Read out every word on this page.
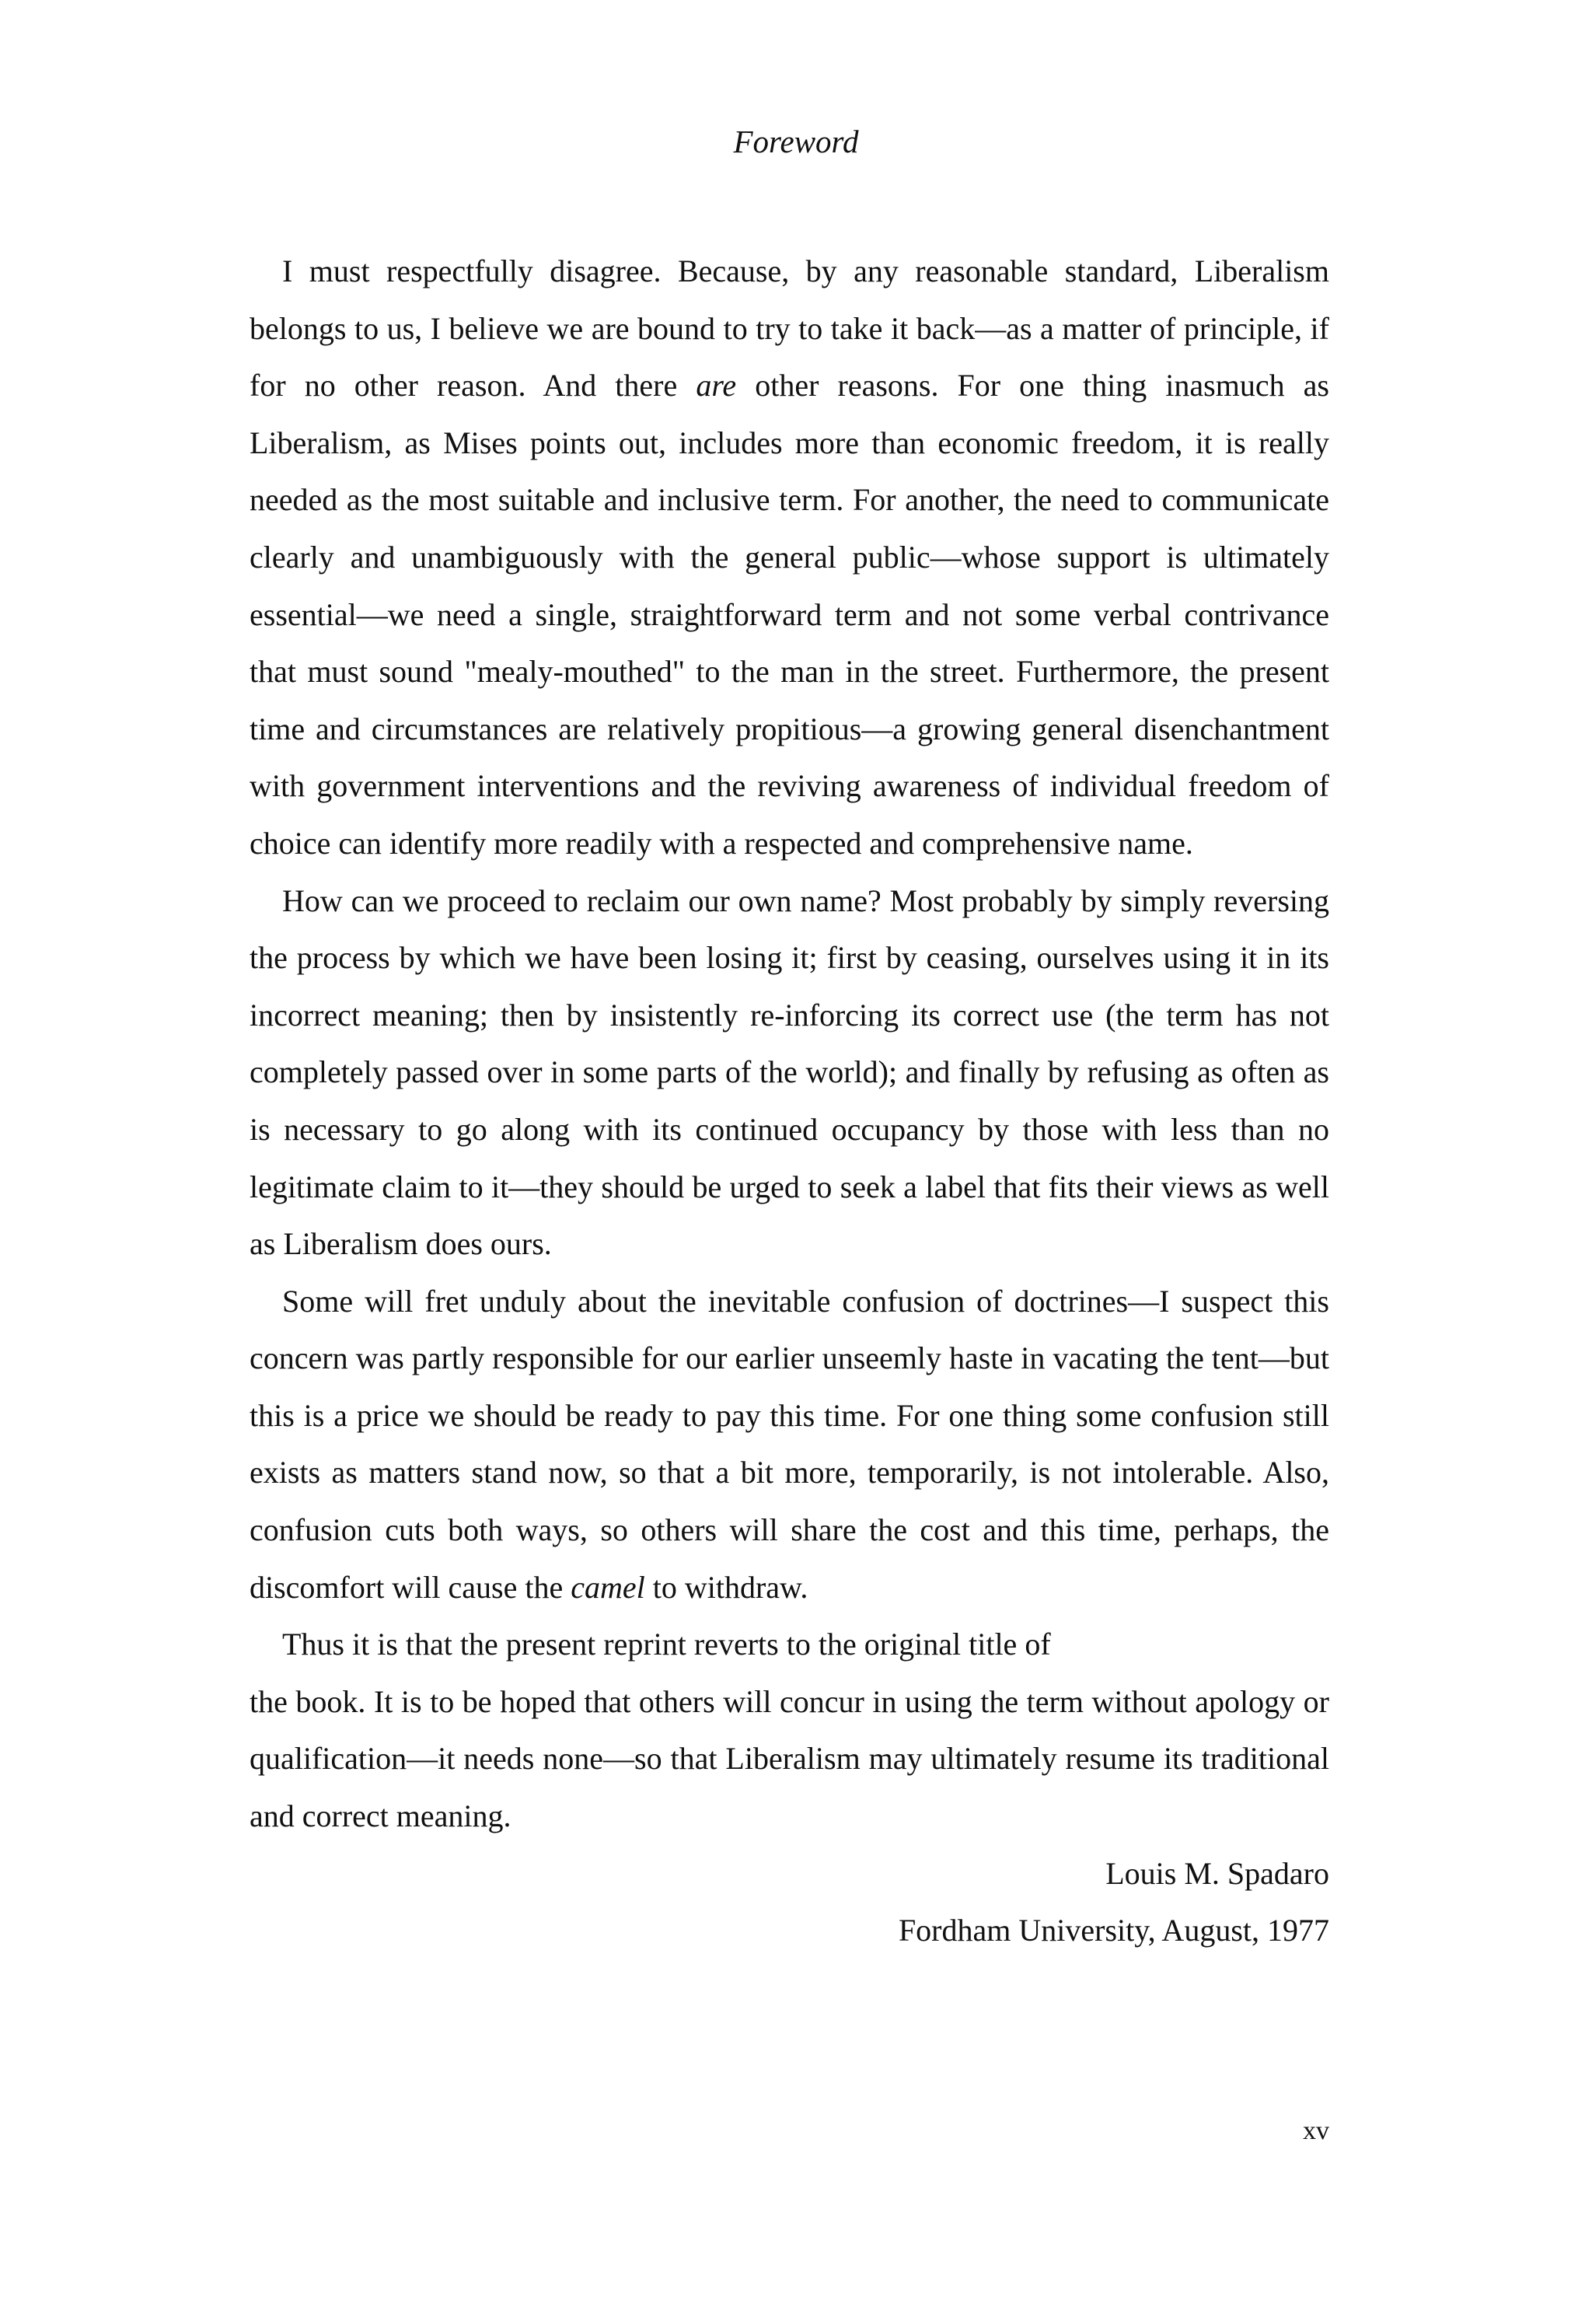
Foreword

I must respectfully disagree. Because, by any reasonable standard, Liberalism belongs to us, I believe we are bound to try to take it back—as a matter of principle, if for no other reason. And there are other reasons. For one thing inasmuch as Liberalism, as Mises points out, includes more than economic freedom, it is really needed as the most suitable and inclusive term. For another, the need to communicate clearly and unambiguously with the general public—whose support is ultimately essential—we need a single, straightforward term and not some verbal contrivance that must sound "mealy-mouthed" to the man in the street. Furthermore, the present time and circumstances are relatively propitious—a growing general disenchantment with government interventions and the reviving awareness of individual freedom of choice can identify more readily with a respected and comprehensive name.

How can we proceed to reclaim our own name? Most probably by simply reversing the process by which we have been losing it; first by ceasing, ourselves using it in its incorrect meaning; then by insistently re-inforcing its correct use (the term has not completely passed over in some parts of the world); and finally by refusing as often as is necessary to go along with its continued occupancy by those with less than no legitimate claim to it—they should be urged to seek a label that fits their views as well as Liberalism does ours.

Some will fret unduly about the inevitable confusion of doctrines—I suspect this concern was partly responsible for our earlier unseemly haste in vacating the tent—but this is a price we should be ready to pay this time. For one thing some confusion still exists as matters stand now, so that a bit more, temporarily, is not intolerable. Also, confusion cuts both ways, so others will share the cost and this time, perhaps, the discomfort will cause the camel to withdraw.

Thus it is that the present reprint reverts to the original title of

the book. It is to be hoped that others will concur in using the term without apology or qualification—it needs none—so that Liberalism may ultimately resume its traditional and correct meaning.

Louis M. Spadaro

Fordham University, August, 1977

xv
